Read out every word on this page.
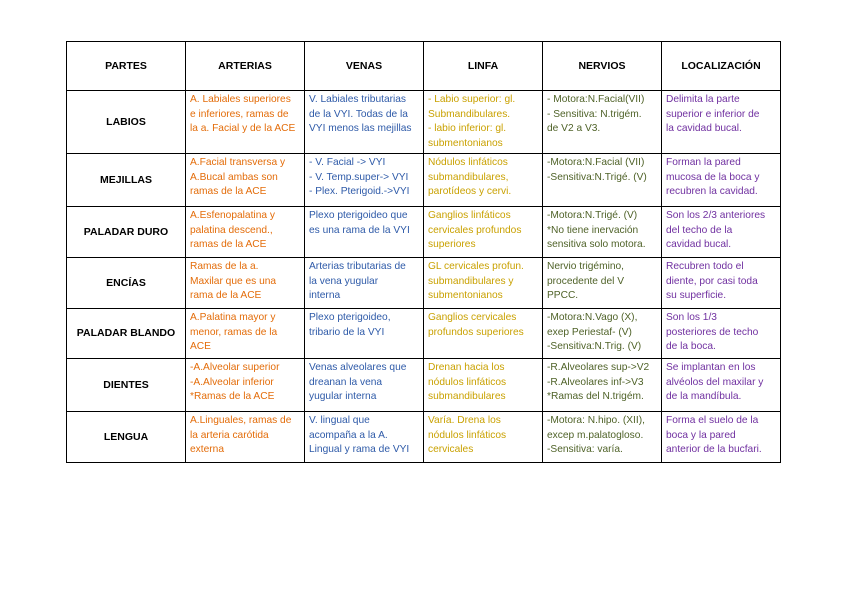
PARTES	ARTERIAS	VENAS	LINFA	NERVIOS	LOCALIZACIÓN
LABIOS	A. Labiales superiores
e inferiores, ramas de
la a. Facial y de la ACE	V. Labiales tributarias
de la VYI. Todas de la
VYI menos las mejillas	- Labio superior: gl.
Submandibulares.
- labio inferior: gl.
submentonianos	- Motora:N.Facial(VII)
- Sensitiva: N.trigém.
de V2 a V3.	Delimita la parte
superior e inferior de
la cavidad bucal.

MEJILLAS	A.Facial transversa y
A.Bucal ambas son
ramas de la ACE	- V. Facial -> VYI
- V. Temp.super-> VYI
- Plex. Pterigoid.->VYI	Nódulos linfáticos
submandibulares,
parotídeos y cervi.	-Motora:N.Facial (VII)
-Sensitiva:N.Trigé. (V)	Forman la pared
mucosa de la boca y
recubren la cavidad.

PALADAR DURO	A.Esfenopalatina y
palatina descend.,
ramas de la ACE	Plexo pterigoideo que
es una rama de la VYI	Ganglios linfáticos
cervicales profundos
superiores	-Motora:N.Trigé. (V)
*No tiene inervación
sensitiva solo motora.	Son los 2/3 anteriores
del techo de la
cavidad bucal.

ENCÍAS	Ramas de la a.
Maxilar que es una
rama de la ACE	Arterias tributarias de
la vena yugular
interna	GL cervicales profun.
submandibulares y
submentonianos	Nervio trigémino,
procedente del V
PPCC.	Recubren todo el
diente, por casi toda
su superficie.

PALADAR BLANDO	A.Palatina mayor y
menor, ramas de la
ACE	Plexo pterigoideo,
tribario de la VYI	Ganglios cervicales
profundos superiores	-Motora:N.Vago (X),
exep Periestaf- (V)
-Sensitiva:N.Trig. (V)	Son los 1/3
posteriores de techo
de la boca.

DIENTES	-A.Alveolar superior
-A.Alveolar inferior
*Ramas de la ACE	Venas alveolares que
dreanan la vena
yugular interna	Drenan hacia los
nódulos linfáticos
submandibulares	-R.Alveolares sup->V2
-R.Alveolares inf->V3
*Ramas del N.trigém.	Se implantan en los
alvéolos del maxilar y
de la mandíbula.

LENGUA	A.Linguales, ramas de
la arteria carótida
externa	V. lingual que
acompaña a la A.
Lingual y rama de VYI	Varía. Drena los
nódulos linfáticos
cervicales	-Motora: N.hipo. (XII),
excep m.palatogloso.
-Sensitiva: varía.	Forma el suelo de la
boca y la pared
anterior de la bucfari.
